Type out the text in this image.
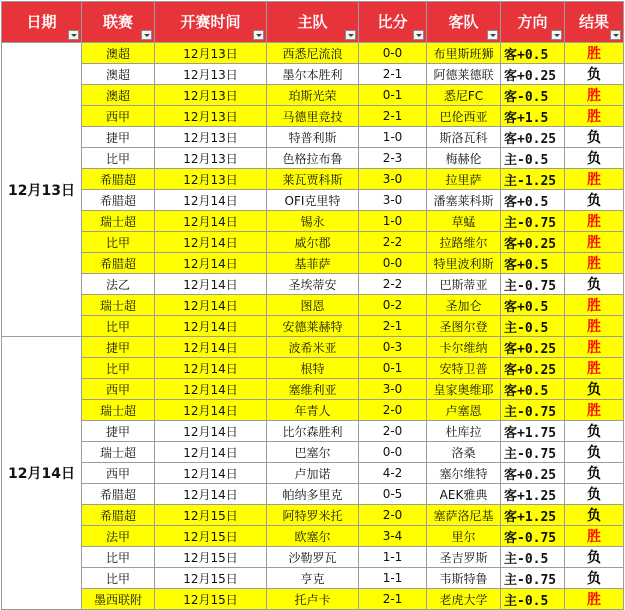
日期	联赛	开赛时间	主队	比分	客队	方向	结果

12月13日	澳超	12月13日	西悉尼流浪	0-0	布里斯班狮	客+0.5	胜
	澳超	12月13日	墨尔本胜利	2-1	阿德莱德联	客+0.25	负
	澳超	12月13日	珀斯光荣	0-1	悉尼FC	客-0.5	胜
	西甲	12月13日	马德里竞技	2-1	巴伦西亚	客+1.5	胜
	捷甲	12月13日	特普利斯	1-0	斯洛瓦科	客+0.25	负
	比甲	12月13日	色格拉布鲁	2-3	梅赫伦	主-0.5	负
	希腊超	12月13日	莱瓦贾科斯	3-0	拉里萨	主-1.25	胜
	希腊超	12月14日	OFI克里特	3-0	潘塞莱科斯	客+0.5	负
	瑞士超	12月14日	锡永	1-0	草蜢	主-0.75	胜
	比甲	12月14日	威尔郡	2-2	拉路维尔	客+0.25	胜
	希腊超	12月14日	基菲萨	0-0	特里波利斯	客+0.5	胜
	法乙	12月14日	圣埃蒂安	2-2	巴斯蒂亚	主-0.75	负
	瑞士超	12月14日	图恩	0-2	圣加仑	客+0.5	胜
	比甲	12月14日	安德莱赫特	2-1	圣图尔登	主-0.5	胜
12月14日	捷甲	12月14日	波希米亚	0-3	卡尔维纳	客+0.25	胜
	比甲	12月14日	根特	0-1	安特卫普	客+0.25	胜
	西甲	12月14日	塞维利亚	3-0	皇家奥维耶	客+0.5	负
	瑞士超	12月14日	年青人	2-0	卢塞恩	主-0.75	胜
	捷甲	12月14日	比尔森胜利	2-0	杜库拉	客+1.75	负
	瑞士超	12月14日	巴塞尔	0-0	洛桑	主-0.75	负
	西甲	12月14日	卢加诺	4-2	塞尔维特	客+0.25	负
	希腊超	12月14日	帕纳多里克	0-5	AEK雅典	客+1.25	负
	希腊超	12月15日	阿特罗米托	2-0	塞萨洛尼基	客+1.25	负
	法甲	12月15日	欧塞尔	3-4	里尔	客-0.75	胜
	比甲	12月15日	沙勒罗瓦	1-1	圣吉罗斯	主-0.5	负
	比甲	12月15日	亨克	1-1	韦斯特鲁	主-0.75	负
	墨西联附	12月15日	托卢卡	2-1	老虎大学	主-0.5	胜
